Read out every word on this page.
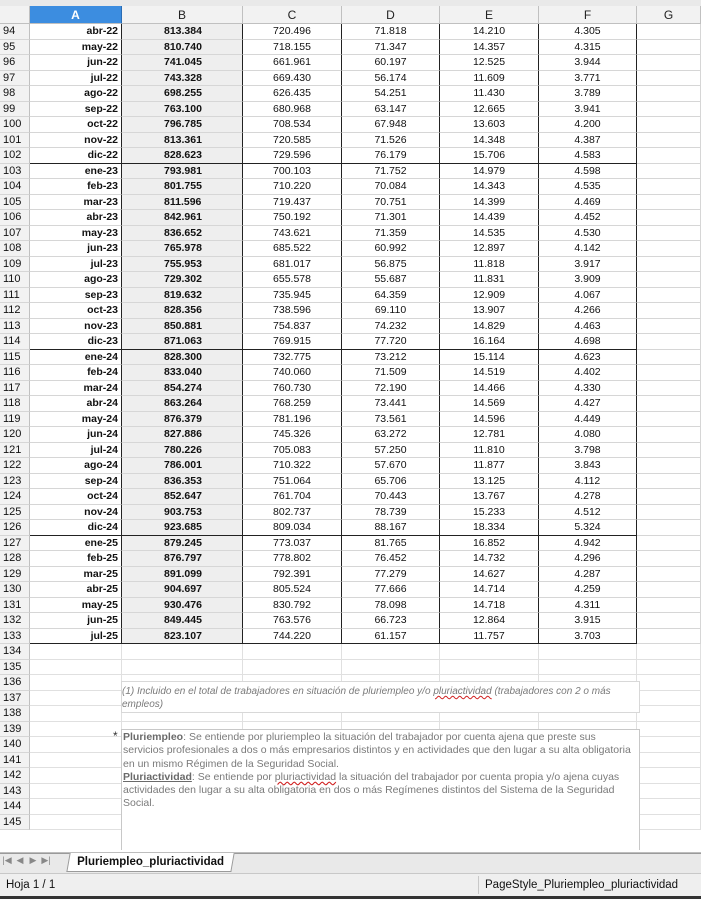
A	B	C	D	E	F	G
94	abr-22	813.384	720.496	71.818	14.210	4.305
95	may-22	810.740	718.155	71.347	14.357	4.315
96	jun-22	741.045	661.961	60.197	12.525	3.944
97	jul-22	743.328	669.430	56.174	11.609	3.771
98	ago-22	698.255	626.435	54.251	11.430	3.789
99	sep-22	763.100	680.968	63.147	12.665	3.941
100	oct-22	796.785	708.534	67.948	13.603	4.200
101	nov-22	813.361	720.585	71.526	14.348	4.387
102	dic-22	828.623	729.596	76.179	15.706	4.583
103	ene-23	793.981	700.103	71.752	14.979	4.598
104	feb-23	801.755	710.220	70.084	14.343	4.535
105	mar-23	811.596	719.437	70.751	14.399	4.469
106	abr-23	842.961	750.192	71.301	14.439	4.452
107	may-23	836.652	743.621	71.359	14.535	4.530
108	jun-23	765.978	685.522	60.992	12.897	4.142
109	jul-23	755.953	681.017	56.875	11.818	3.917
110	ago-23	729.302	655.578	55.687	11.831	3.909
111	sep-23	819.632	735.945	64.359	12.909	4.067
112	oct-23	828.356	738.596	69.110	13.907	4.266
113	nov-23	850.881	754.837	74.232	14.829	4.463
114	dic-23	871.063	769.915	77.720	16.164	4.698
115	ene-24	828.300	732.775	73.212	15.114	4.623
116	feb-24	833.040	740.060	71.509	14.519	4.402
117	mar-24	854.274	760.730	72.190	14.466	4.330
118	abr-24	863.264	768.259	73.441	14.569	4.427
119	may-24	876.379	781.196	73.561	14.596	4.449
120	jun-24	827.886	745.326	63.272	12.781	4.080
121	jul-24	780.226	705.083	57.250	11.810	3.798
122	ago-24	786.001	710.322	57.670	11.877	3.843
123	sep-24	836.353	751.064	65.706	13.125	4.112
124	oct-24	852.647	761.704	70.443	13.767	4.278
125	nov-24	903.753	802.737	78.739	15.233	4.512
126	dic-24	923.685	809.034	88.167	18.334	5.324
127	ene-25	879.245	773.037	81.765	16.852	4.942
128	feb-25	876.797	778.802	76.452	14.732	4.296
129	mar-25	891.099	792.391	77.279	14.627	4.287
130	abr-25	904.697	805.524	77.666	14.714	4.259
131	may-25	930.476	830.792	78.098	14.718	4.311
132	jun-25	849.445	763.576	66.723	12.864	3.915
133	jul-25	823.107	744.220	61.157	11.757	3.703
134
135
136
137
138
139
140
141
142
143
144
145
(1) Incluido en el total de trabajadores en situación de pluriempleo y/o pluriactividad (trabajadores con 2 o más empleos)
* Pluriempleo: Se entiende por pluriempleo la situación del trabajador por cuenta ajena que preste sus servicios profesionales a dos o más empresarios distintos y en actividades que den lugar a su alta obligatoria en un mismo Régimen de la Seguridad Social.
Pluriactividad: Se entiende por pluriactividad la situación del trabajador por cuenta propia y/o ajena cuyas actividades den lugar a su alta obligatoria en dos o más Regímenes distintos del Sistema de la Seguridad Social.
|◀ ◀ ▶ ▶|	Pluriempleo_pluriactividad
Hoja 1 / 1	PageStyle_Pluriempleo_pluriactividad
